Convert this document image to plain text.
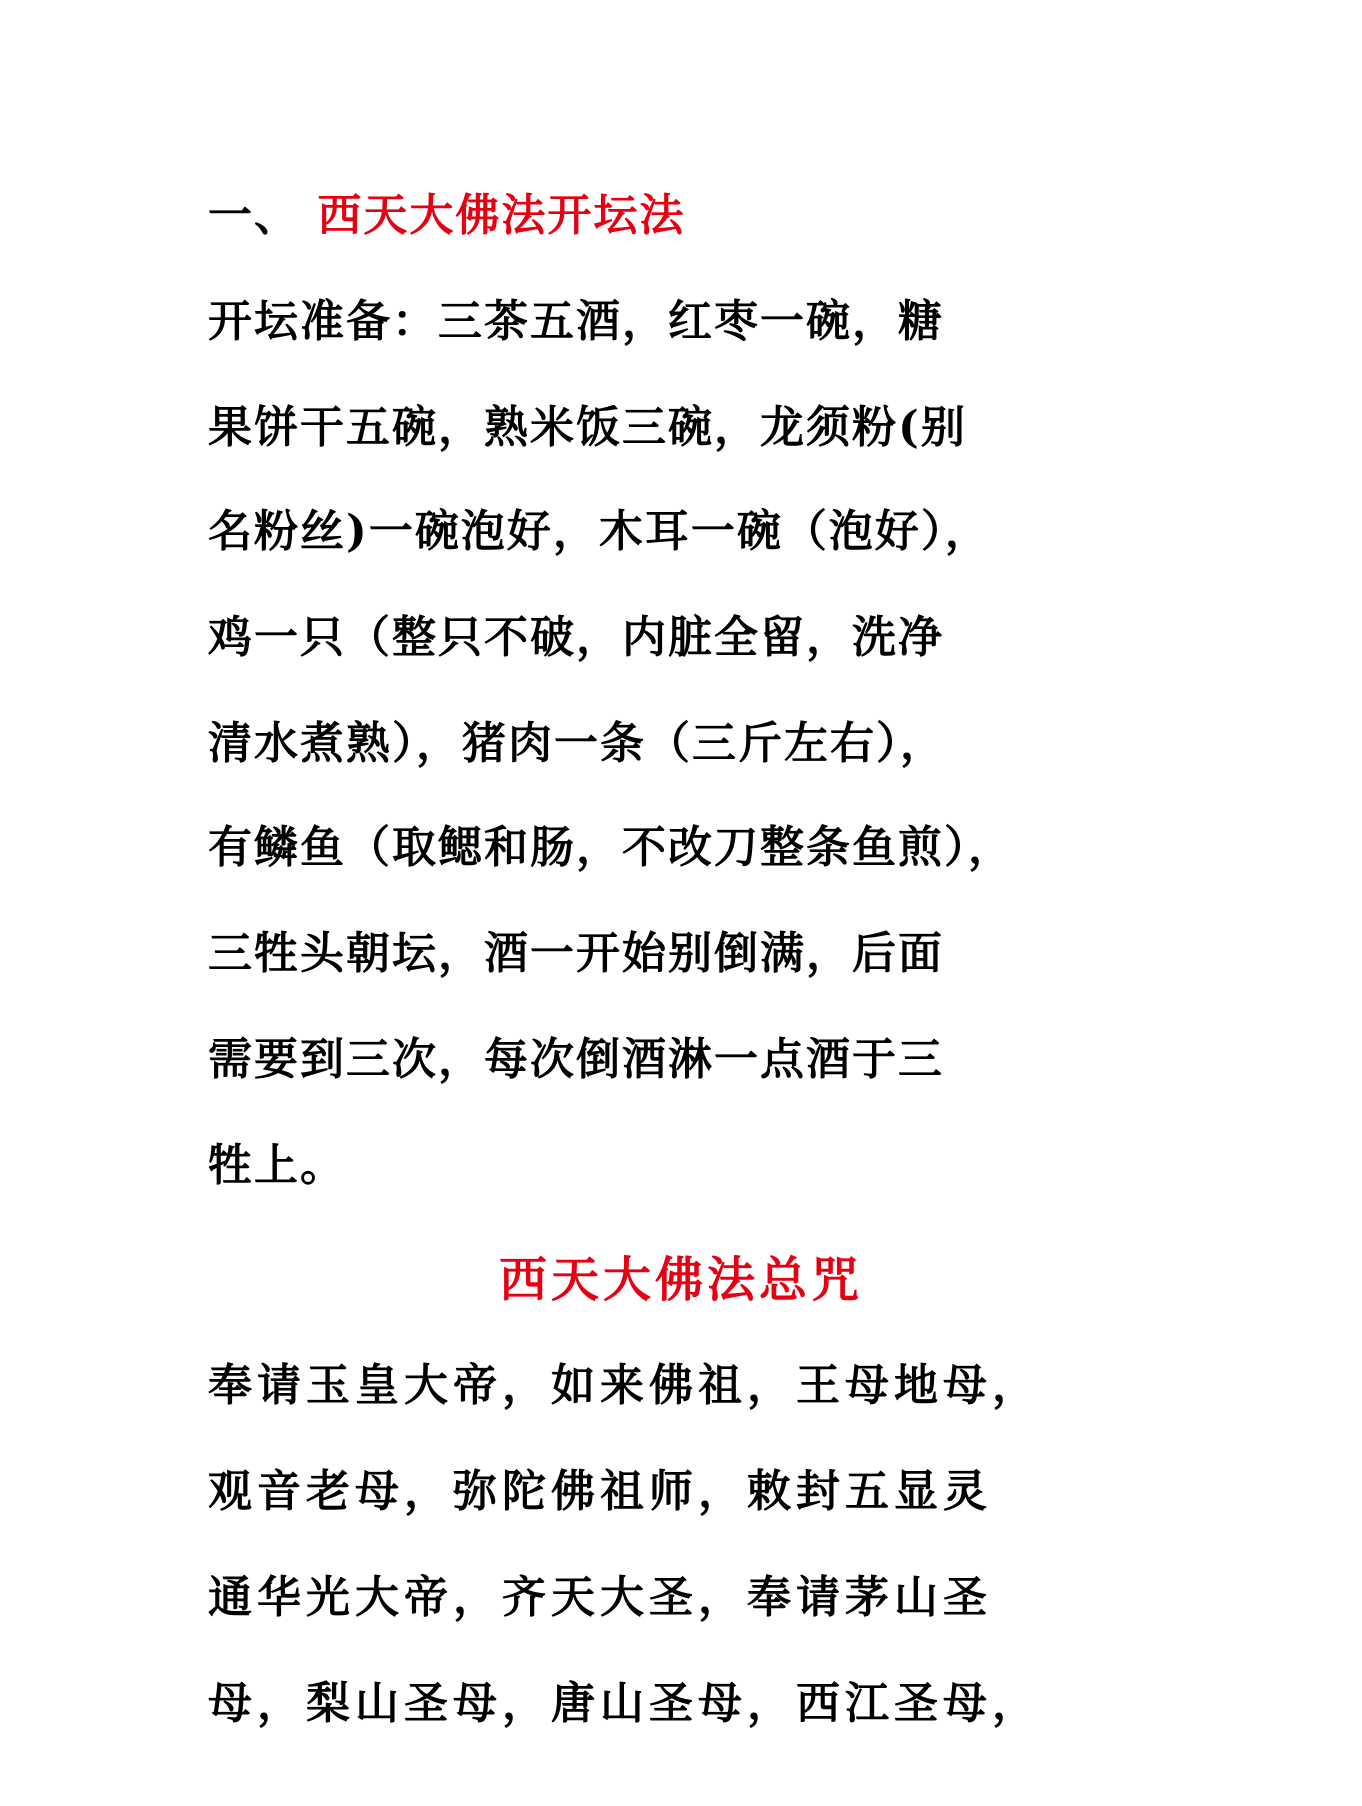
一、 西天大佛法开坛法
开坛准备：三茶五酒，红枣一碗，糖
果饼干五碗，熟米饭三碗，龙须粉(别
名粉丝)一碗泡好，木耳一碗（泡好），
鸡一只（整只不破，内脏全留，洗净
清水煮熟），猪肉一条（三斤左右），
有鳞鱼（取鳃和肠，不改刀整条鱼煎），
三牲头朝坛，酒一开始别倒满，后面
需要到三次，每次倒酒淋一点酒于三
牲上。
西天大佛法总咒
奉请玉皇大帝，如来佛祖，王母地母，
观音老母，弥陀佛祖师，敕封五显灵
通华光大帝，齐天大圣，奉请茅山圣
母，梨山圣母，唐山圣母，西江圣母，
